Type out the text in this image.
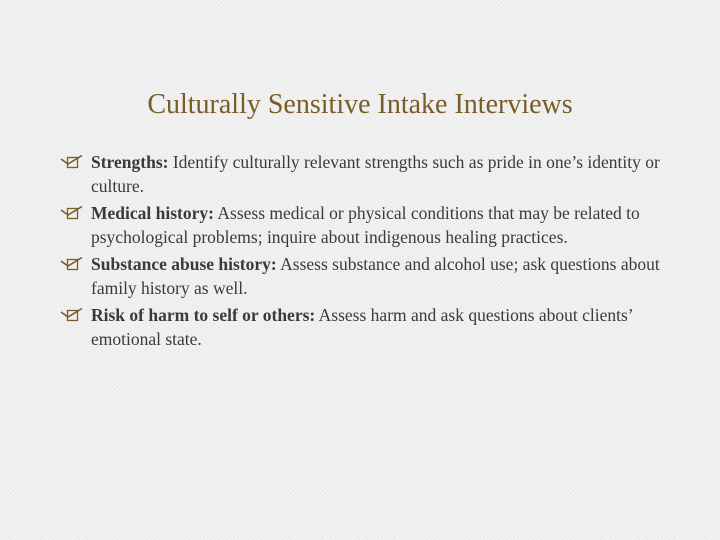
Culturally Sensitive Intake Interviews
Strengths: Identify culturally relevant strengths such as pride in one’s identity or culture.
Medical history: Assess medical or physical conditions that may be related to psychological problems; inquire about indigenous healing practices.
Substance abuse history: Assess substance and alcohol use; ask questions about family history as well.
Risk of harm to self or others: Assess harm and ask questions about clients’ emotional state.
